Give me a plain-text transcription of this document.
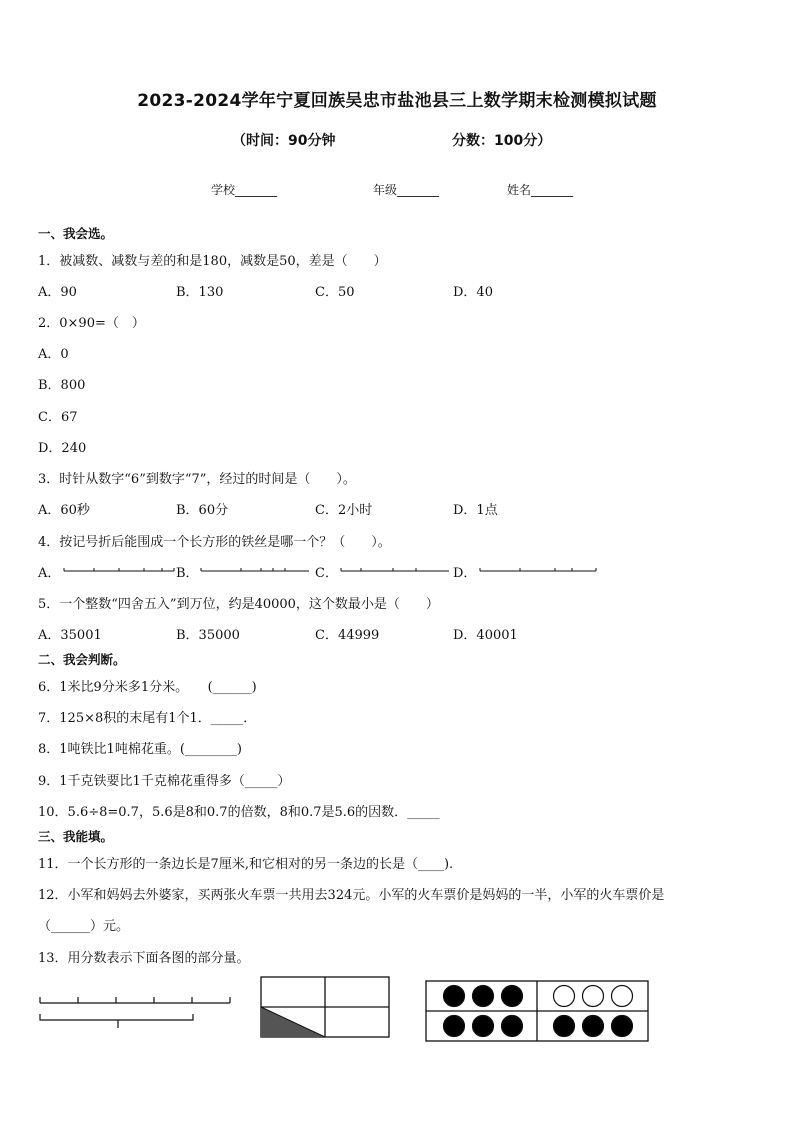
2023-2024学年宁夏回族吴忠市盐池县三上数学期末检测模拟试题
（时间：90分钟	分数：100分）
学校_______	年级_______	姓名_______
一、我会选。
1．被减数、减数与差的和是180，减数是50，差是（　　）
A．90	B．130	C．50	D．40
2．0×90=（　）
A．0
B．800
C．67
D．240
3．时针从数字“6”到数字“7”，经过的时间是（　　）。
A．60秒	B．60分	C．2小时	D．1点
4．按记号折后能围成一个长方形的铁丝是哪一个？（　　）。
A．	B．	C．	D．
5．一个整数“四舍五入”到万位，约是40000，这个数最小是（　　）
A．35001	B．35000	C．44999	D．40001
二、我会判断。
6．1米比9分米多1分米。　　(______)
7．125×8积的末尾有1个1．_____．
8．1吨铁比1吨棉花重。(________)
9．1千克铁要比1千克棉花重得多（_____）
10．5.6÷8=0.7，5.6是8和0.7的倍数，8和0.7是5.6的因数．_____
三、我能填。
11．一个长方形的一条边长是7厘米,和它相对的另一条边的长是（____).
12．小军和妈妈去外婆家，买两张火车票一共用去324元。小军的火车票价是妈妈的一半，小军的火车票价是
（______）元。
13．用分数表示下面各图的部分量。
